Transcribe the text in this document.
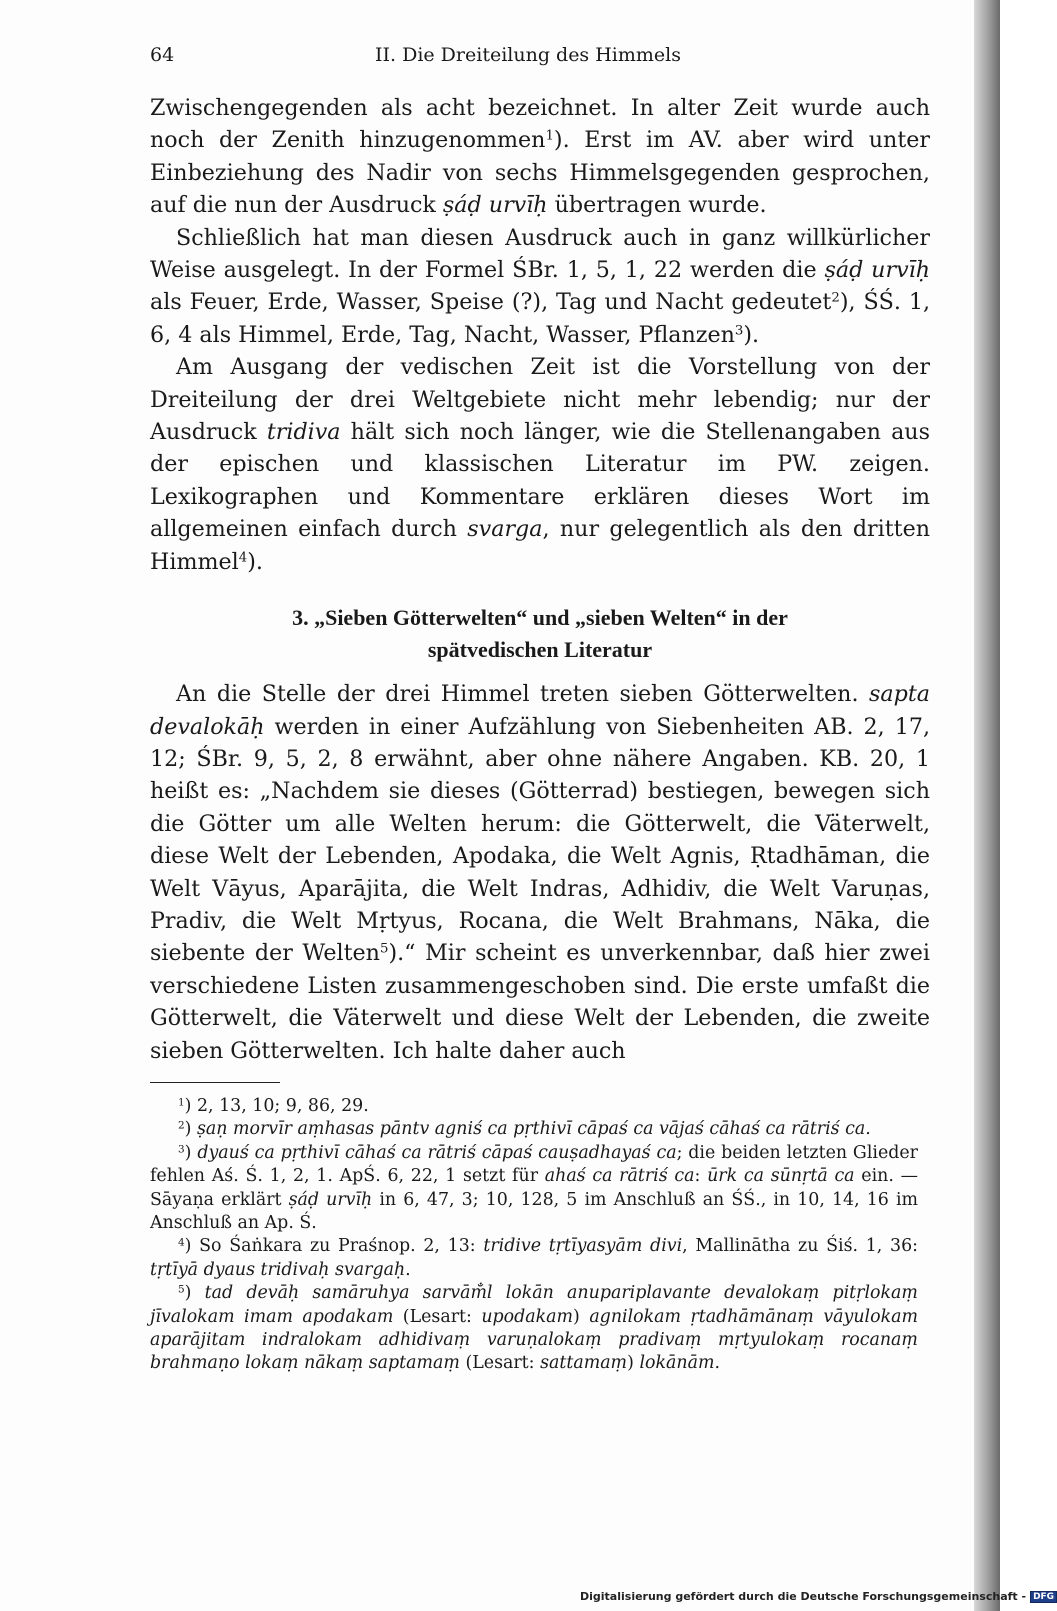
64	II. Die Dreiteilung des Himmels

Zwischengegenden als acht bezeichnet. In alter Zeit wurde auch noch der Zenith hinzugenommen$^1$). Erst im AV. aber wird unter Einbeziehung des Nadir von sechs Himmelsgegenden gesprochen, auf die nun der Ausdruck ṣáḍ urvīḥ übertragen wurde.

Schließlich hat man diesen Ausdruck auch in ganz willkürlicher Weise ausgelegt. In der Formel ŚBr. 1, 5, 1, 22 werden die ṣáḍ urvīḥ als Feuer, Erde, Wasser, Speise (?), Tag und Nacht gedeutet$^2$), ŚŚ. 1, 6, 4 als Himmel, Erde, Tag, Nacht, Wasser, Pflanzen$^3$).

Am Ausgang der vedischen Zeit ist die Vorstellung von der Dreiteilung der drei Weltgebiete nicht mehr lebendig; nur der Ausdruck tridiva hält sich noch länger, wie die Stellenangaben aus der epischen und klassischen Literatur im PW. zeigen. Lexikographen und Kommentare erklären dieses Wort im allgemeinen einfach durch svarga, nur gelegentlich als den dritten Himmel$^4$).

3. „Sieben Götterwelten“ und „sieben Welten“ in der
spätvedischen Literatur

An die Stelle der drei Himmel treten sieben Götterwelten. sapta devalokāḥ werden in einer Aufzählung von Siebenheiten AB. 2, 17, 12; ŚBr. 9, 5, 2, 8 erwähnt, aber ohne nähere Angaben. KB. 20, 1 heißt es: „Nachdem sie dieses (Götterrad) bestiegen, bewegen sich die Götter um alle Welten herum: die Götterwelt, die Väterwelt, diese Welt der Lebenden, Apodaka, die Welt Agnis, Ṛtadhāman, die Welt Vāyus, Aparājita, die Welt Indras, Adhidiv, die Welt Varuṇas, Pradiv, die Welt Mṛtyus, Rocana, die Welt Brahmans, Nāka, die siebente der Welten$^5$).“ Mir scheint es unverkennbar, daß hier zwei verschiedene Listen zusammengeschoben sind. Die erste umfaßt die Götterwelt, die Väterwelt und diese Welt der Lebenden, die zweite sieben Götterwelten. Ich halte daher auch

$^1$) 2, 13, 10; 9, 86, 29.

$^2$) ṣaṇ morvīr aṃhasas pāntv agniś ca pṛthivī cāpaś ca vājaś cāhaś ca rātriś ca.

$^3$) dyauś ca pṛthivī cāhaś ca rātriś cāpaś cauṣadhayaś ca; die beiden letzten Glieder fehlen Aś. Ś. 1, 2, 1. ApŚ. 6, 22, 1 setzt für ahaś ca rātriś ca: ūrk ca sūnṛtā ca ein. — Sāyaṇa erklärt ṣáḍ urvīḥ in 6, 47, 3; 10, 128, 5 im Anschluß an ŚŚ., in 10, 14, 16 im Anschluß an Ap. Ś.

$^4$) So Śaṅkara zu Praśnop. 2, 13: tridive tṛtīyasyām divi, Mallinātha zu Śiś. 1, 36: tṛtīyā dyaus tridivaḥ svargaḥ.

$^5$) tad devāḥ samāruhya sarvām̐l lokān anupariplavante devalokaṃ pitṛlokaṃ jīvalokam imam apodakam (Lesart: upodakam) agnilokam ṛtadhāmānaṃ vāyulokam aparājitam indralokam adhidivaṃ varuṇalokaṃ pradivaṃ mṛtyulokaṃ rocanaṃ brahmaṇo lokaṃ nākaṃ saptamaṃ (Lesart: sattamaṃ) lokānām.

Digitalisierung gefördert durch die Deutsche Forschungsgemeinschaft - DFG
